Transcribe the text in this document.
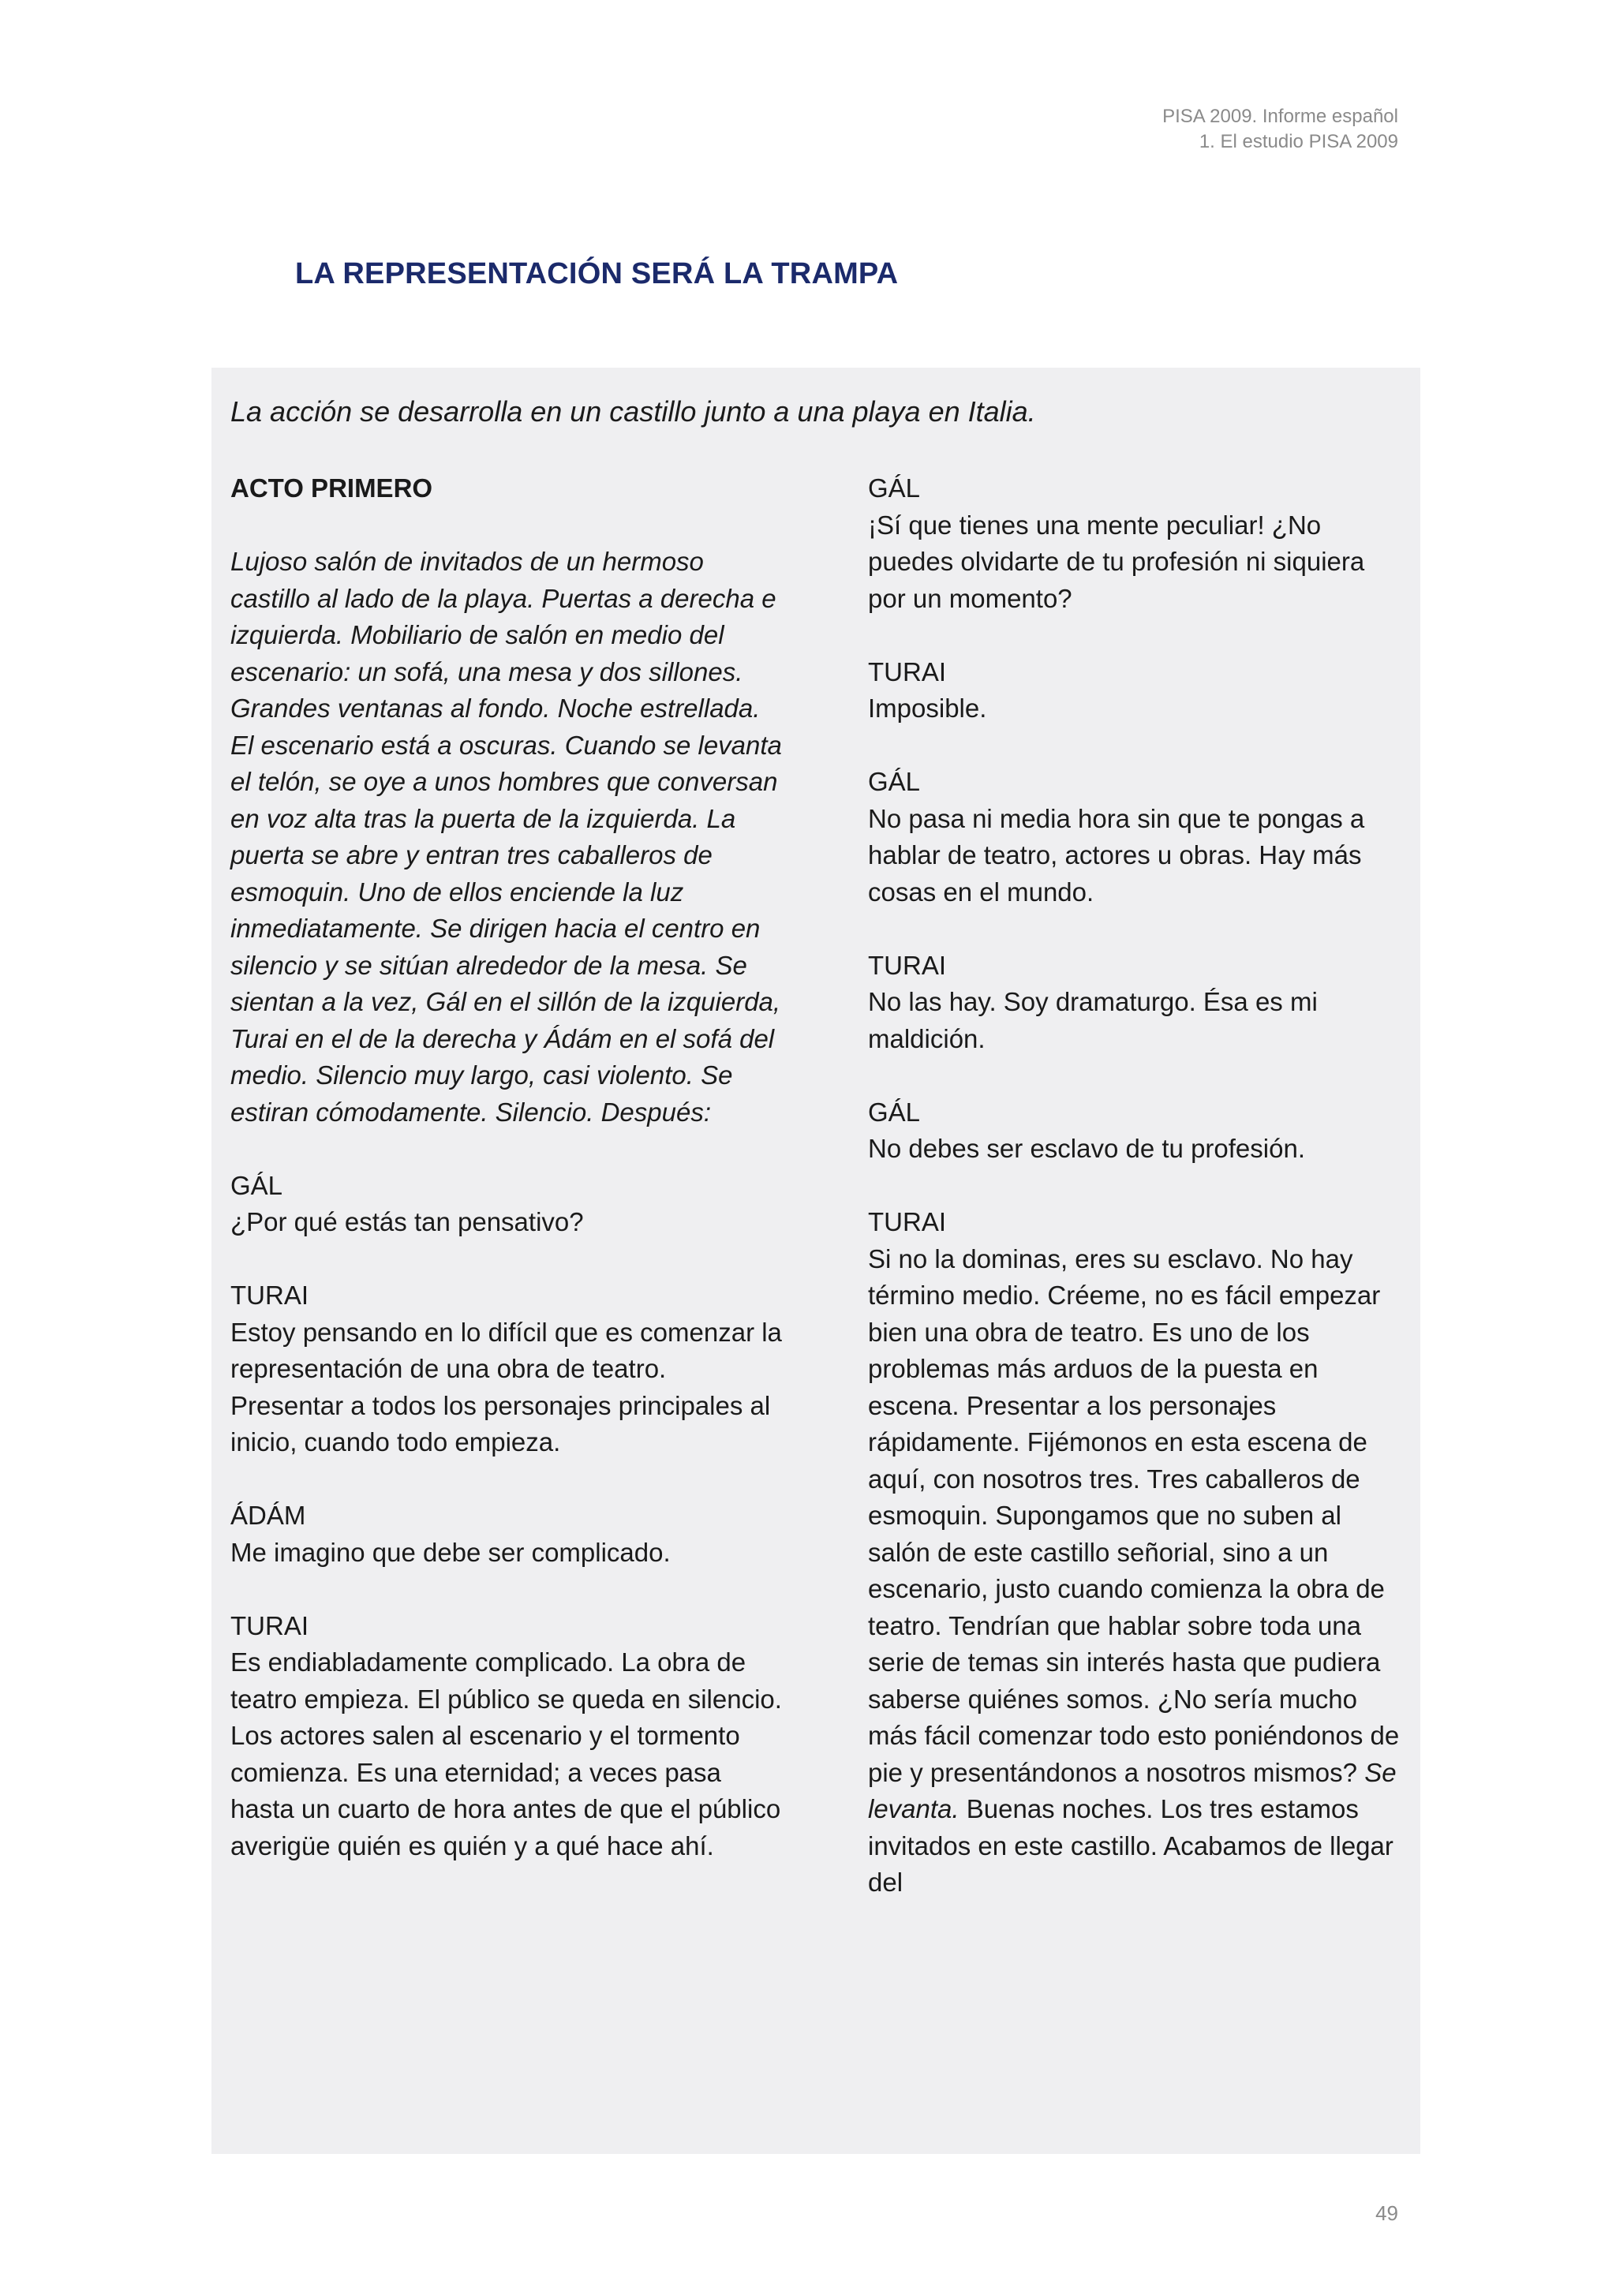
PISA 2009. Informe español
1. El estudio PISA 2009
LA REPRESENTACIÓN SERÁ LA TRAMPA

La acción se desarrolla en un castillo junto a una playa en Italia.

ACTO PRIMERO

Lujoso salón de invitados de un hermoso castillo al lado de la playa. Puertas a derecha e izquierda. Mobiliario de salón en medio del escenario: un sofá, una mesa y dos sillones. Grandes ventanas al fondo. Noche estrellada. El escenario está a oscuras. Cuando se levanta el telón, se oye a unos hombres que conversan en voz alta tras la puerta de la izquierda. La puerta se abre y entran tres caballeros de esmoquin. Uno de ellos enciende la luz inmediatamente. Se dirigen hacia el centro en silencio y se sitúan alrededor de la mesa. Se sientan a la vez, Gál en el sillón de la izquierda, Turai en el de la derecha y Ádám en el sofá del medio. Silencio muy largo, casi violento. Se estiran cómodamente. Silencio. Después:

GÁL
¿Por qué estás tan pensativo?

TURAI
Estoy pensando en lo difícil que es comenzar la representación de una obra de teatro. Presentar a todos los personajes principales al inicio, cuando todo empieza.

ÁDÁM
Me imagino que debe ser complicado.

TURAI
Es endiabladamente complicado. La obra de teatro empieza. El público se queda en silencio. Los actores salen al escenario y el tormento comienza. Es una eternidad; a veces pasa hasta un cuarto de hora antes de que el público averigüe quién es quién y a qué hace ahí.

GÁL
¡Sí que tienes una mente peculiar! ¿No puedes olvidarte de tu profesión ni siquiera por un momento?

TURAI
Imposible.

GÁL
No pasa ni media hora sin que te pongas a hablar de teatro, actores u obras. Hay más cosas en el mundo.

TURAI
No las hay. Soy dramaturgo. Ésa es mi maldición.

GÁL
No debes ser esclavo de tu profesión.

TURAI
Si no la dominas, eres su esclavo. No hay término medio. Créeme, no es fácil empezar bien una obra de teatro. Es uno de los problemas más arduos de la puesta en escena. Presentar a los personajes rápidamente. Fijémonos en esta escena de aquí, con nosotros tres. Tres caballeros de esmoquin. Supongamos que no suben al salón de este castillo señorial, sino a un escenario, justo cuando comienza la obra de teatro. Tendrían que hablar sobre toda una serie de temas sin interés hasta que pudiera saberse quiénes somos. ¿No sería mucho más fácil comenzar todo esto poniéndonos de pie y presentándonos a nosotros mismos? Se levanta. Buenas noches. Los tres estamos invitados en este castillo. Acabamos de llegar del

49
